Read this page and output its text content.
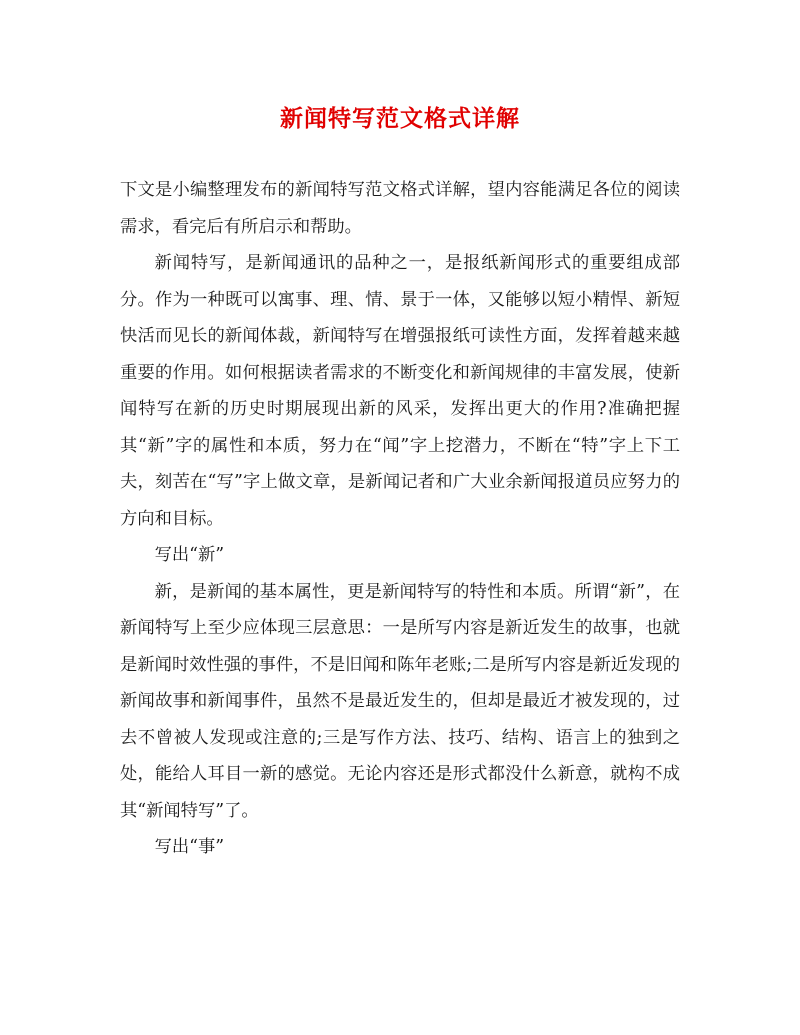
新闻特写范文格式详解

下文是小编整理发布的新闻特写范文格式详解，望内容能满足各位的阅读需求，看完后有所启示和帮助。

新闻特写，是新闻通讯的品种之一，是报纸新闻形式的重要组成部分。作为一种既可以寓事、理、情、景于一体，又能够以短小精悍、新短快活而见长的新闻体裁，新闻特写在增强报纸可读性方面，发挥着越来越重要的作用。如何根据读者需求的不断变化和新闻规律的丰富发展，使新闻特写在新的历史时期展现出新的风采，发挥出更大的作用?准确把握其“新”字的属性和本质，努力在“闻”字上挖潜力，不断在“特”字上下工夫，刻苦在“写”字上做文章，是新闻记者和广大业余新闻报道员应努力的方向和目标。

写出“新”

新，是新闻的基本属性，更是新闻特写的特性和本质。所谓“新”，在新闻特写上至少应体现三层意思：一是所写内容是新近发生的故事，也就是新闻时效性强的事件，不是旧闻和陈年老账;二是所写内容是新近发现的新闻故事和新闻事件，虽然不是最近发生的，但却是最近才被发现的，过去不曾被人发现或注意的;三是写作方法、技巧、结构、语言上的独到之处，能给人耳目一新的感觉。无论内容还是形式都没什么新意，就构不成其“新闻特写”了。

写出“事”
